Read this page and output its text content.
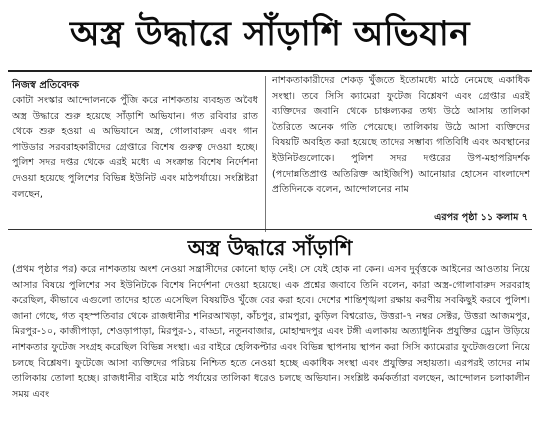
অস্ত্র উদ্ধারে সাঁড়াশি অভিযান
নিজস্ব প্রতিবেদক
কোটা সংস্কার আন্দোলনকে পুঁজি করে নাশকতায় ব্যবহৃত অবৈধ অস্ত্র উদ্ধারে শুরু হয়েছে সাঁড়াশি অভিযান। গত রবিবার রাত থেকে শুরু হওয়া এ অভিযানে অস্ত্র, গোলাবারুদ এবং গান পাউডার সরবরাহকারীদের গ্রেপ্তারে বিশেষ গুরুত্ব দেওয়া হচ্ছে। পুলিশ সদর দপ্তর থেকে এরই মধ্যে এ সংক্রান্ত বিশেষ নির্দেশনা দেওয়া হয়েছে পুলিশের বিভিন্ন ইউনিট এবং মাঠপর্যায়ে। সংশ্লিষ্টরা বলছেন,
নাশকতাকারীদের শেকড় খুঁজতে ইতোমধ্যে মাঠে নেমেছে একাধিক সংস্থা। তবে সিসি ক্যামেরা ফুটেজ বিশ্লেষণ এবং গ্রেপ্তার এরই ব্যক্তিদের জবানি থেকে চাঞ্চল্যকর তথ্য উঠে আসায় তালিকা তৈরিতে অনেক গতি পেয়েছে। তালিকায় উঠে আসা ব্যক্তিদের বিষয়টি অবহিত করা হয়েছে তাদের সম্ভাব্য গতিবিধি এবং অবস্থানের ইউনিটগুলোকে। পুলিশ সদর দপ্তরের উপ-মহাপরিদর্শক (পদোন্নতিপ্রাপ্ত অতিরিক্ত আইজিপি) আনোয়ার হোসেন বাংলাদেশ প্রতিদিনকে বলেন, আন্দোলনের নাম
এরপর পৃষ্ঠা ১১ কলাম ৭
অস্ত্র উদ্ধারে সাঁড়াশি
(প্রথম পৃষ্ঠার পর) করে নাশকতায় অংশ নেওয়া সন্ত্রাসীদের কোনো ছাড় নেই। সে যেই হোক না কেন। এসব দুর্বৃত্তকে আইনের আওতায় নিয়ে আসার বিষয়ে পুলিশের সব ইউনিটকে বিশেষ নির্দেশনা দেওয়া হয়েছে। এক প্রশ্নের জবাবে তিনি বলেন, কারা অস্ত্র-গোলাবারুদ সরবরাহ করেছিল, কীভাবে এগুলো তাদের হাতে এসেছিল বিষয়টিও খুঁজে বের করা হবে। দেশের শান্তিশৃঙ্খলা রক্ষায় করণীয় সবকিছুই করবে পুলিশ। জানা গেছে, গত বৃহস্পতিবার থেকে রাজধানীর শনিরআখড়া, কাঁচপুর, রামপুরা, কুড়িল বিশ্বরোড, উত্তরা-৭ নম্বর সেক্টর, উত্তরা আজমপুর, মিরপুর-১০, কাজীপাড়া, শেওড়াপাড়া, মিরপুর-১, বাড্ডা, নতুনবাজার, মোহাম্মদপুর এবং টঙ্গী এলাকায় অত্যাধুনিক প্রযুক্তির ড্রোন উড়িয়ে নাশকতার ফুটেজ সংগ্রহ করেছিল বিভিন্ন সংস্থা। এর বাইরে হেলিকপ্টার এবং বিভিন্ন স্থাপনায় স্থাপন করা সিসি ক্যামেরার ফুটেজগুলো নিয়ে চলছে বিশ্লেষণ। ফুটেজে আসা ব্যক্তিদের পরিচয় নিশ্চিত হতে নেওয়া হচ্ছে একাধিক সংস্থা এবং প্রযুক্তির সহায়তা। এরপরই তাদের নাম তালিকায় তোলা হচ্ছে। রাজধানীর বাইরে মাঠ পর্যায়ের তালিকা ধরেও চলছে অভিযান। সংশ্লিষ্ট কর্মকর্তারা বলছেন, আন্দোলন চলাকালীন সময় এবং
